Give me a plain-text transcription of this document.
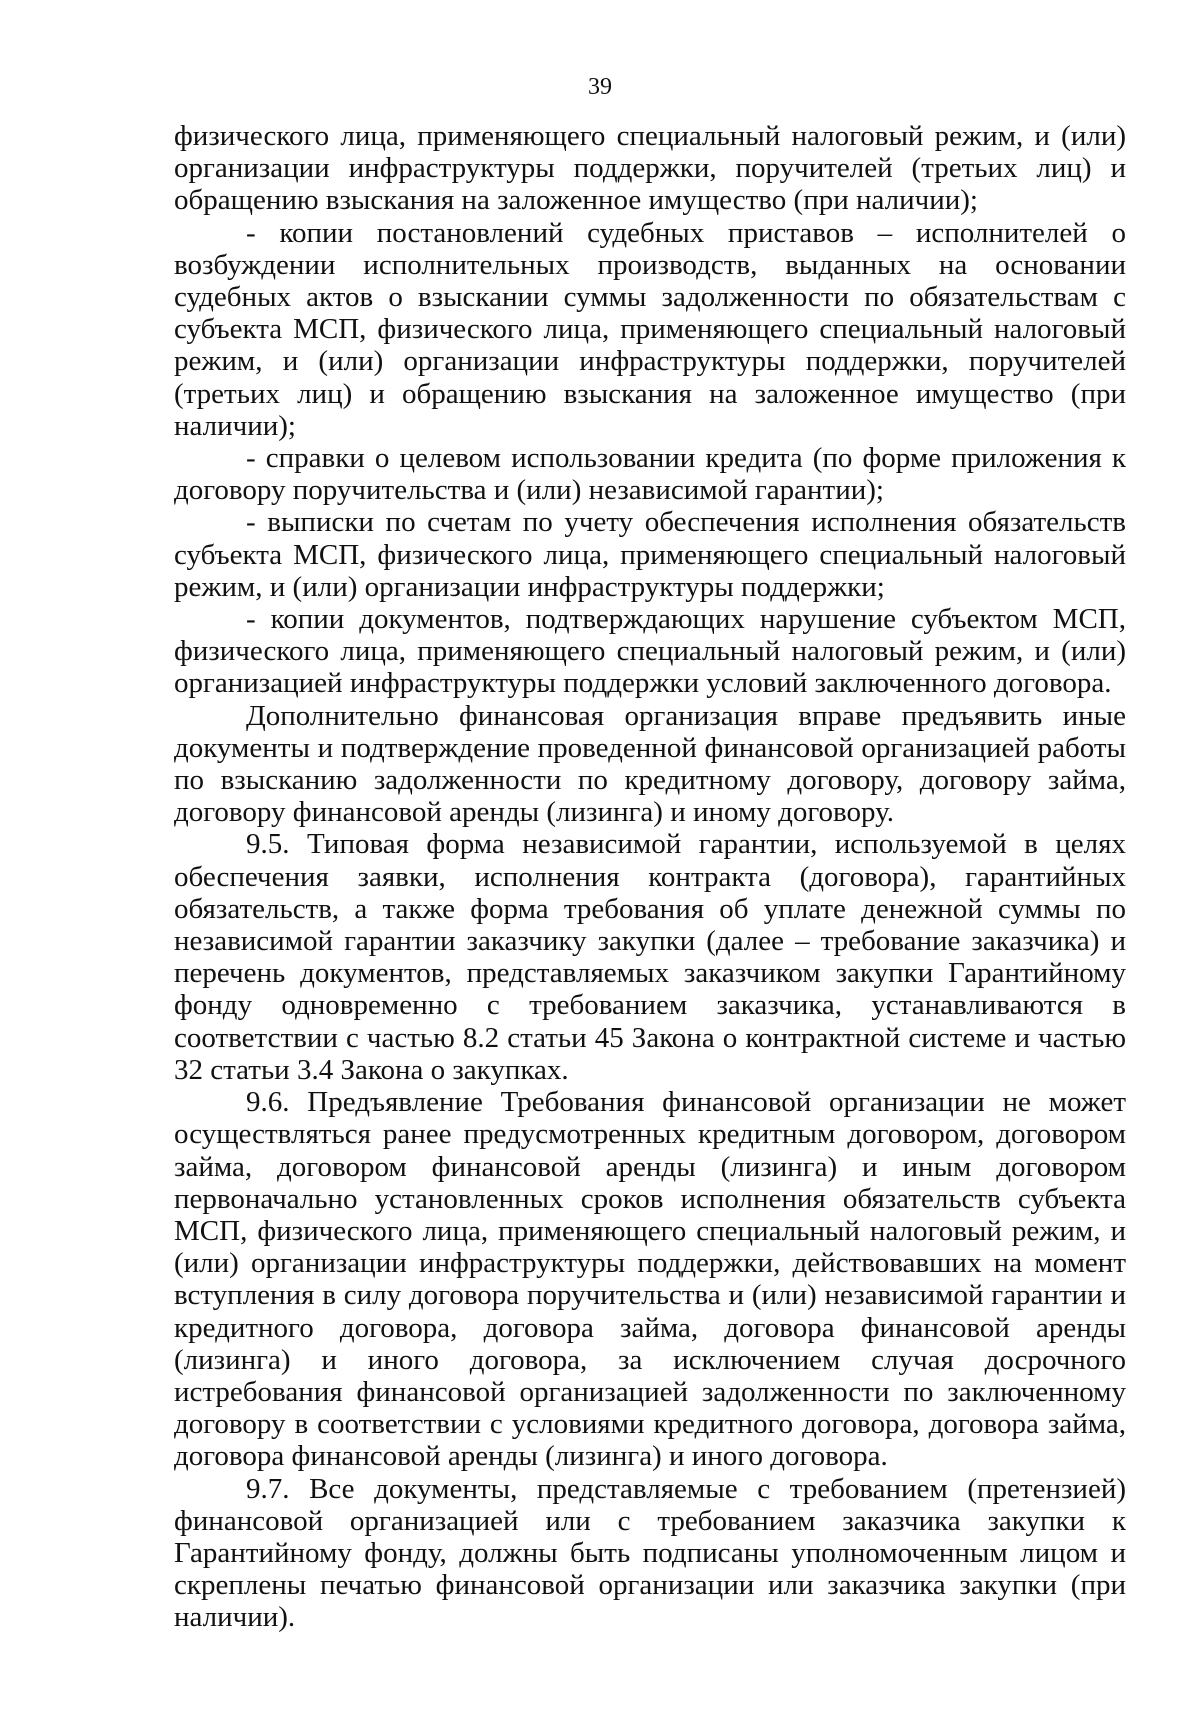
39

физического лица, применяющего специальный налоговый режим, и (или) организации инфраструктуры поддержки, поручителей (третьих лиц) и обращению взыскания на заложенное имущество (при наличии);

- копии постановлений судебных приставов – исполнителей о возбуждении исполнительных производств, выданных на основании судебных актов о взыскании суммы задолженности по обязательствам с субъекта МСП, физического лица, применяющего специальный налоговый режим, и (или) организации инфраструктуры поддержки, поручителей (третьих лиц) и обращению взыскания на заложенное имущество (при наличии);

- справки о целевом использовании кредита (по форме приложения к договору поручительства и (или) независимой гарантии);

- выписки по счетам по учету обеспечения исполнения обязательств субъекта МСП, физического лица, применяющего специальный налоговый режим, и (или) организации инфраструктуры поддержки;

- копии документов, подтверждающих нарушение субъектом МСП, физического лица, применяющего специальный налоговый режим, и (или) организацией инфраструктуры поддержки условий заключенного договора.

Дополнительно финансовая организация вправе предъявить иные документы и подтверждение проведенной финансовой организацией работы по взысканию задолженности по кредитному договору, договору займа, договору финансовой аренды (лизинга) и иному договору.

9.5. Типовая форма независимой гарантии, используемой в целях обеспечения заявки, исполнения контракта (договора), гарантийных обязательств, а также форма требования об уплате денежной суммы по независимой гарантии заказчику закупки (далее – требование заказчика) и перечень документов, представляемых заказчиком закупки Гарантийному фонду одновременно с требованием заказчика, устанавливаются в соответствии с частью 8.2 статьи 45 Закона о контрактной системе и частью 32 статьи 3.4 Закона о закупках.

9.6. Предъявление Требования финансовой организации не может осуществляться ранее предусмотренных кредитным договором, договором займа, договором финансовой аренды (лизинга) и иным договором первоначально установленных сроков исполнения обязательств субъекта МСП, физического лица, применяющего специальный налоговый режим, и (или) организации инфраструктуры поддержки, действовавших на момент вступления в силу договора поручительства и (или) независимой гарантии и кредитного договора, договора займа, договора финансовой аренды (лизинга) и иного договора, за исключением случая досрочного истребования финансовой организацией задолженности по заключенному договору в соответствии с условиями кредитного договора, договора займа, договора финансовой аренды (лизинга) и иного договора.

9.7. Все документы, представляемые с требованием (претензией) финансовой организацией или с требованием заказчика закупки к Гарантийному фонду, должны быть подписаны уполномоченным лицом и скреплены печатью финансовой организации или заказчика закупки (при наличии).
